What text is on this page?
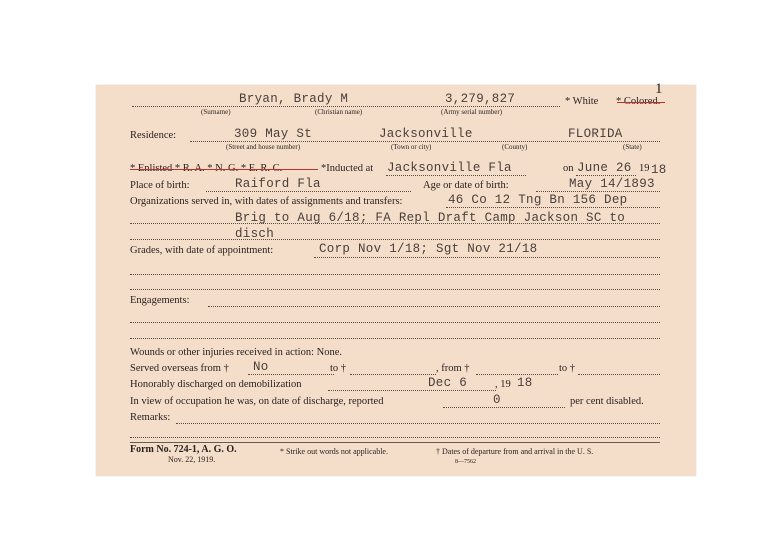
1
Bryan, Brady M	3,279,827	* White * Colored.
(Surname)	(Christian name)	(Army serial number)
Residence:	309 May St	Jacksonville	FLORIDA
(Street and house number)	(Town or city)	(County)	(State)
* Enlisted * R. A. * N. G. * E. R. C.	*Inducted at Jacksonville Fla	on June 26 19 18
Place of birth:	Raiford Fla	Age or date of birth:	May 14/1893
Organizations served in, with dates of assignments and transfers:	46 Co 12 Tng Bn 156 Dep
Brig to Aug 6/18; FA Repl Draft Camp Jackson SC to
disch
Grades, with date of appointment:	Corp Nov 1/18; Sgt Nov 21/18
Engagements:
Wounds or other injuries received in action: None.
Served overseas from † No	to †	, from †	to †
Honorably discharged on demobilization	Dec 6	, 19 18
In view of occupation he was, on date of discharge, reported	0	per cent disabled.
Remarks:
Form No. 724-1, A. G. O.
Nov. 22, 1919.
* Strike out words not applicable.	† Dates of departure from and arrival in the U. S.
8—7562
